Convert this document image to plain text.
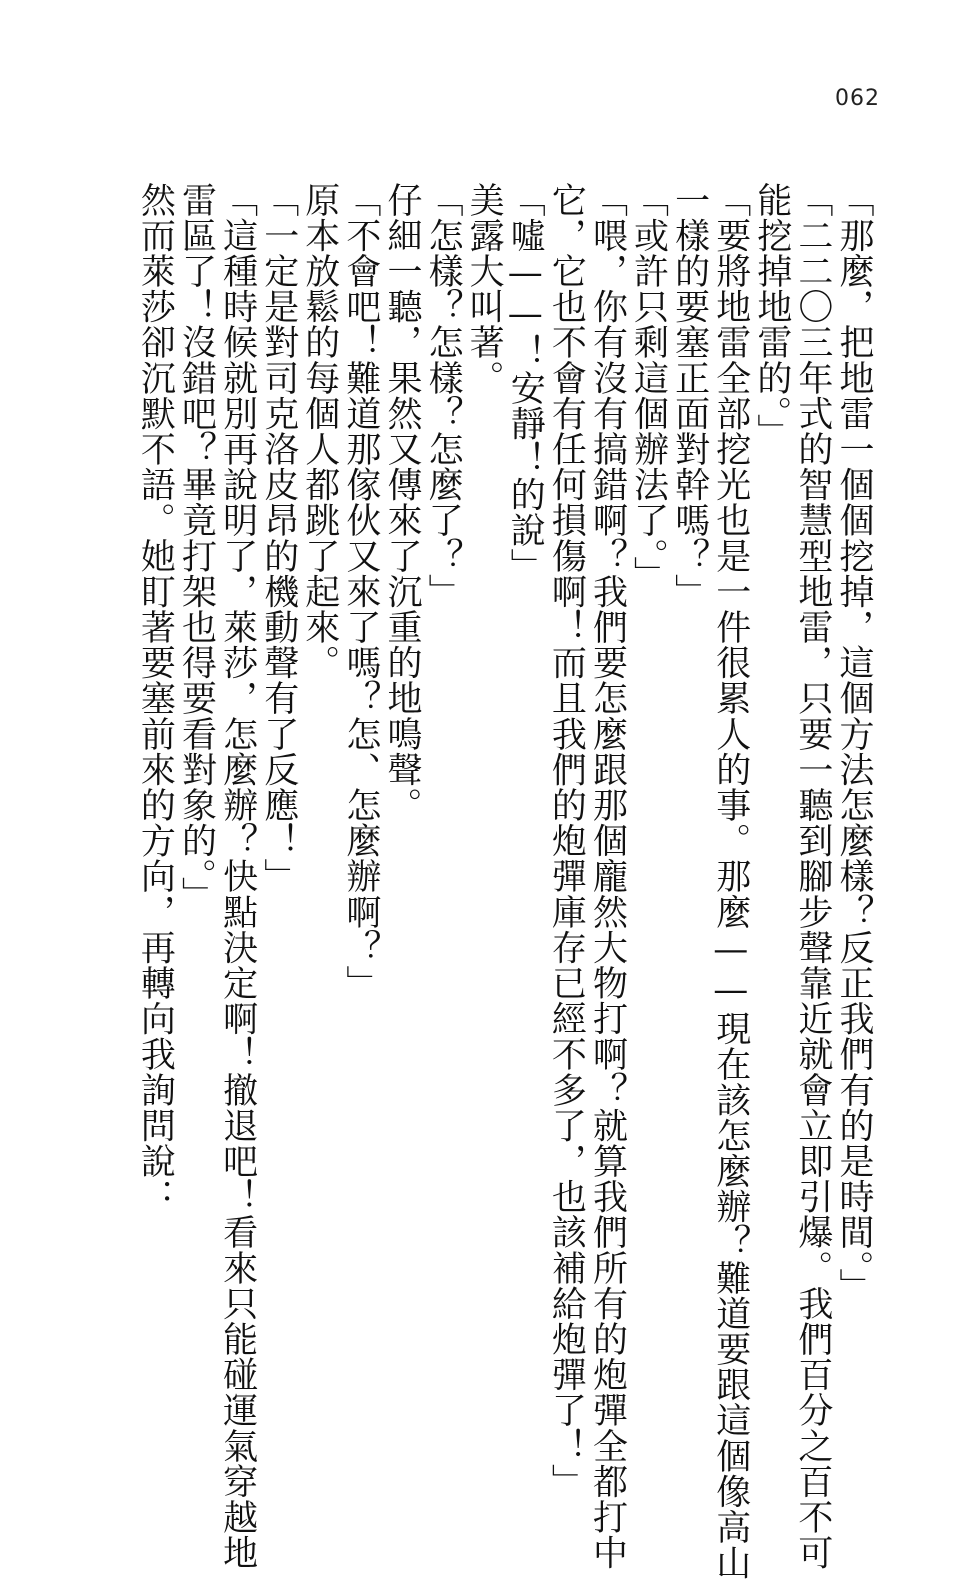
062
「那麼，把地雷一個個挖掉，這個方法怎麼樣？反正我們有的是時間。」
「二二〇三年式的智慧型地雷，只要一聽到腳步聲靠近就會立即引爆。我們百分之百不可
能挖掉地雷的。」
「要將地雷全部挖光也是一件很累人的事。那麼——現在該怎麼辦？難道要跟這個像高山
一樣的要塞正面對幹嗎？」
「或許只剩這個辦法了。」
「喂，你有沒有搞錯啊？我們要怎麼跟那個龐然大物打啊？就算我們所有的炮彈全都打中
它，它也不會有任何損傷啊！而且我們的炮彈庫存已經不多了，也該補給炮彈了！」
「噓——！安靜！的說」
美露大叫著。
「怎樣？怎樣？怎麼了？」
仔細一聽，果然又傳來了沉重的地鳴聲。
「不會吧！難道那傢伙又來了嗎？怎、怎麼辦啊？」
原本放鬆的每個人都跳了起來。
「一定是對司克洛皮昂的機動聲有了反應！」
「這種時候就別再說明了，萊莎，怎麼辦？快點決定啊！撤退吧！看來只能碰運氣穿越地
雷區了！沒錯吧？畢竟打架也得要看對象的。」
然而萊莎卻沉默不語。她盯著要塞前來的方向，再轉向我詢問說：
